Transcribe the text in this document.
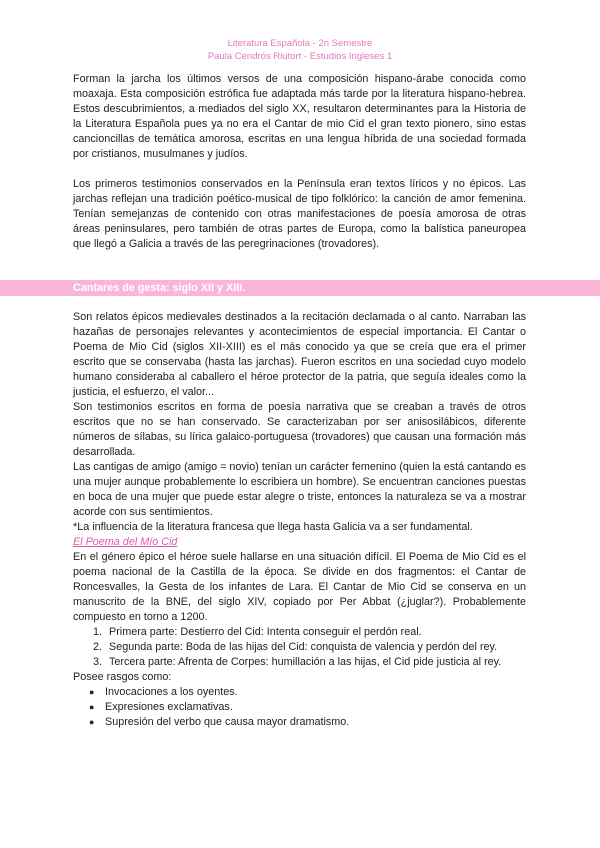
Literatura Española - 2n Semestre
Paula Cendrós Riutort - Estudios Ingleses 1

Forman la jarcha los últimos versos de una composición hispano-árabe conocida como moaxaja. Esta composición estrófica fue adaptada más tarde por la literatura hispano-hebrea. Estos descubrimientos, a mediados del siglo XX, resultaron determinantes para la Historia de la Literatura Española pues ya no era el Cantar de mio Cid el gran texto pionero, sino estas cancioncillas de temática amorosa, escritas en una lengua híbrida de una sociedad formada por cristianos, musulmanes y judíos.

Los primeros testimonios conservados en la Península eran textos líricos y no épicos. Las jarchas reflejan una tradición poético-musical de tipo folklórico: la canción de amor femenina. Tenían semejanzas de contenido con otras manifestaciones de poesía amorosa de otras áreas peninsulares, pero también de otras partes de Europa, como la balística paneuropea que llegó a Galicia a través de las peregrinaciones (trovadores).

Cantares de gesta: siglo XII y XIII.

Son relatos épicos medievales destinados a la recitación declamada o al canto. Narraban las hazañas de personajes relevantes y acontecimientos de especial importancia. El Cantar o Poema de Mio Cid (siglos XII-XIII) es el más conocido ya que se creía que era el primer escrito que se conservaba (hasta las jarchas). Fueron escritos en una sociedad cuyo modelo humano consideraba al caballero el héroe protector de la patria, que seguía ideales como la justicia, el esfuerzo, el valor...

Son testimonios escritos en forma de poesía narrativa que se creaban a través de otros escritos que no se han conservado. Se caracterizaban por ser anisosilábicos, diferente números de sílabas, su lírica galaico-portuguesa (trovadores) que causan una formación más desarrollada.

Las cantigas de amigo (amigo = novio) tenían un carácter femenino (quien la está cantando es una mujer aunque probablemente lo escribiera un hombre). Se encuentran canciones puestas en boca de una mujer que puede estar alegre o triste, entonces la naturaleza se va a mostrar acorde con sus sentimientos.

*La influencia de la literatura francesa que llega hasta Galicia va a ser fundamental.

El Poema del Mío Cid

En el género épico el héroe suele hallarse en una situación difícil. El Poema de Mio Cid es el poema nacional de la Castilla de la época. Se divide en dos fragmentos: el Cantar de Roncesvalles, la Gesta de los infantes de Lara. El Cantar de Mio Cid se conserva en un manuscrito de la BNE, del siglo XIV, copiado por Per Abbat (¿juglar?). Probablemente compuesto en torno a 1200.

1. Primera parte: Destierro del Cid: Intenta conseguir el perdón real.
2. Segunda parte: Boda de las hijas del Cid: conquista de valencia y perdón del rey.
3. Tercera parte: Afrenta de Corpes: humillación a las hijas, el Cid pide justicia al rey.

Posee rasgos como:

● Invocaciones a los oyentes.
● Expresiones exclamativas.
● Supresión del verbo que causa mayor dramatismo.
